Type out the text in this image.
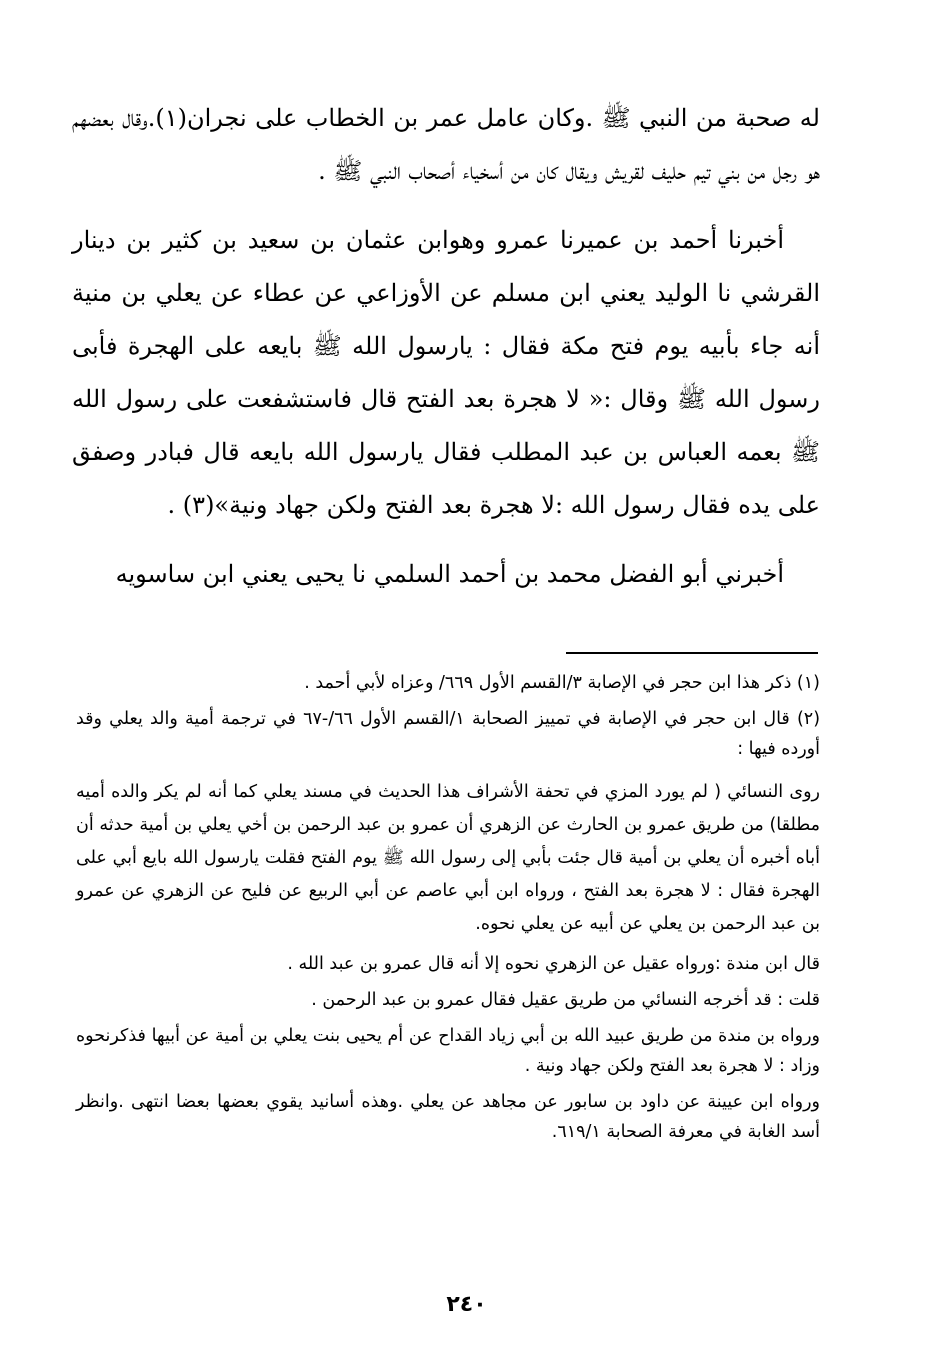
له صحبة من النبي ﷺ .وكان عامل عمر بن الخطاب على نجران(١).وقال بعضهم هو رجل من بني تيم حليف لقريش ويقال كان من أسخياء أصحاب النبي ﷺ .

أخبرنا أحمد بن عميرنا عمرو وهوابن عثمان بن سعيد بن كثير بن دينار القرشي نا الوليد يعني ابن مسلم عن الأوزاعي عن عطاء عن يعلي بن منية أنه جاء بأبيه يوم فتح مكة فقال : يارسول الله ﷺ بايعه على الهجرة فأبى رسول الله ﷺ وقال :« لا هجرة بعد الفتح قال فاستشفعت على رسول الله ﷺ بعمه العباس بن عبد المطلب فقال يارسول الله بايعه قال فبادر وصفق على يده فقال رسول الله :لا هجرة بعد الفتح ولكن جهاد ونية»(٣) .

أخبرني أبو الفضل محمد بن أحمد السلمي نا يحيى يعني ابن ساسويه

(١) ذكر هذا ابن حجر في الإصابة ٣/القسم الأول ٦٦٩/ وعزاه لأبي أحمد .

(٢) قال ابن حجر في الإصابة في تمييز الصحابة ١/القسم الأول ٦٦/-٦٧ في ترجمة أمية والد يعلي وقد أورده فيها :

روى النسائي ( لم يورد المزي في تحفة الأشراف هذا الحديث في مسند يعلي كما أنه لم يكر والده أميه مطلقا) من طريق عمرو بن الحارث عن الزهري أن عمرو بن عبد الرحمن بن أخي يعلي بن أمية حدثه أن أباه أخبره أن يعلي بن أمية قال جئت بأبي إلى رسول الله ﷺ يوم الفتح فقلت يارسول الله بايع أبي على الهجرة فقال : لا هجرة بعد الفتح ، ورواه ابن أبي عاصم عن أبي الربيع عن فليح عن الزهري عن عمرو بن عبد الرحمن بن يعلي عن أبيه عن يعلي نحوه.

قال ابن مندة :ورواه عقيل عن الزهري نحوه إلا أنه قال عمرو بن عبد الله .

قلت : قد أخرجه النسائي من طريق عقيل فقال عمرو بن عبد الرحمن .

ورواه بن مندة من طريق عبيد الله بن أبي زياد القداح عن أم يحيى بنت يعلي بن أمية عن أبيها فذكرنحوه وزاد : لا هجرة بعد الفتح ولكن جهاد ونية .

ورواه ابن عيينة عن داود بن سابور عن مجاهد عن يعلي .وهذه أسانيد يقوي بعضها بعضا انتهى .وانظر أسد الغابة في معرفة الصحابة ٦١٩/١.

٢٤٠
